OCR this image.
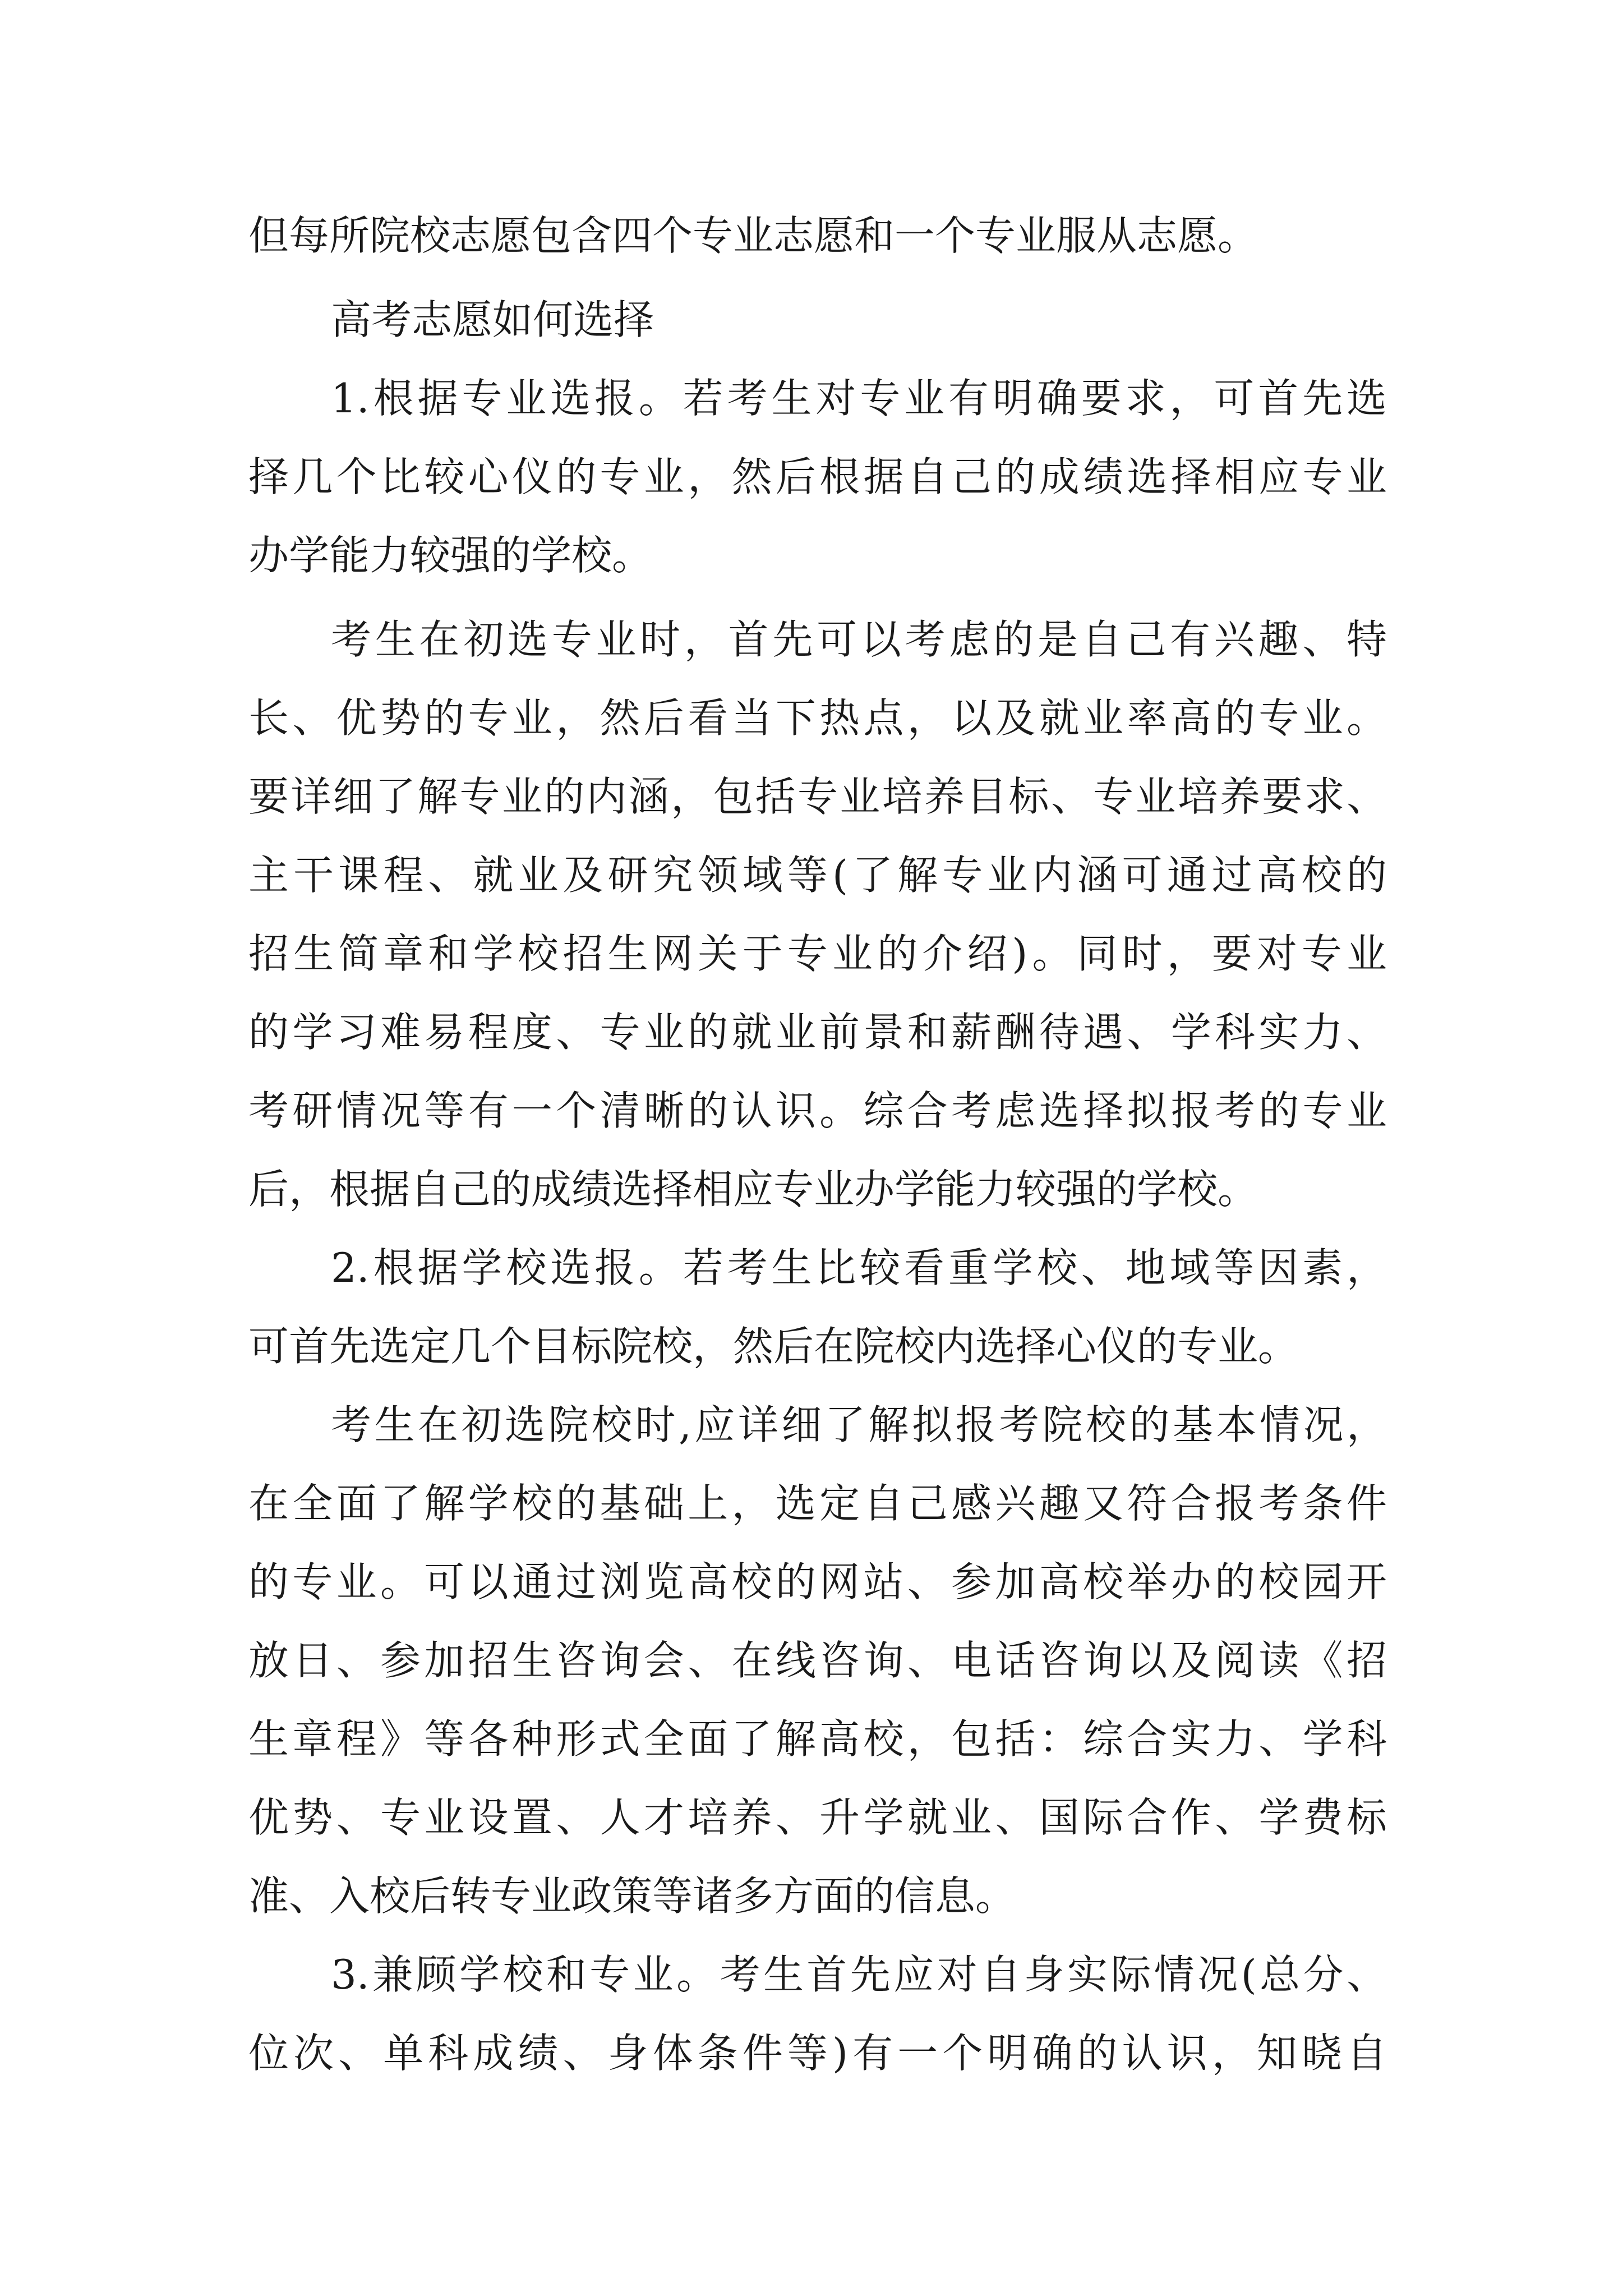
但每所院校志愿包含四个专业志愿和一个专业服从志愿。
高考志愿如何选择
1.根据专业选报。若考生对专业有明确要求，可首先选
择几个比较心仪的专业，然后根据自己的成绩选择相应专业
办学能力较强的学校。
考生在初选专业时，首先可以考虑的是自己有兴趣、特
长、优势的专业，然后看当下热点，以及就业率高的专业。
要详细了解专业的内涵，包括专业培养目标、专业培养要求、
主干课程、就业及研究领域等(了解专业内涵可通过高校的
招生简章和学校招生网关于专业的介绍)。同时，要对专业
的学习难易程度、专业的就业前景和薪酬待遇、学科实力、
考研情况等有一个清晰的认识。综合考虑选择拟报考的专业
后，根据自己的成绩选择相应专业办学能力较强的学校。
2.根据学校选报。若考生比较看重学校、地域等因素，
可首先选定几个目标院校，然后在院校内选择心仪的专业。
考生在初选院校时,应详细了解拟报考院校的基本情况，
在全面了解学校的基础上，选定自己感兴趣又符合报考条件
的专业。可以通过浏览高校的网站、参加高校举办的校园开
放日、参加招生咨询会、在线咨询、电话咨询以及阅读《招
生章程》等各种形式全面了解高校，包括：综合实力、学科
优势、专业设置、人才培养、升学就业、国际合作、学费标
准、入校后转专业政策等诸多方面的信息。
3.兼顾学校和专业。考生首先应对自身实际情况(总分、
位次、单科成绩、身体条件等)有一个明确的认识，知晓自
